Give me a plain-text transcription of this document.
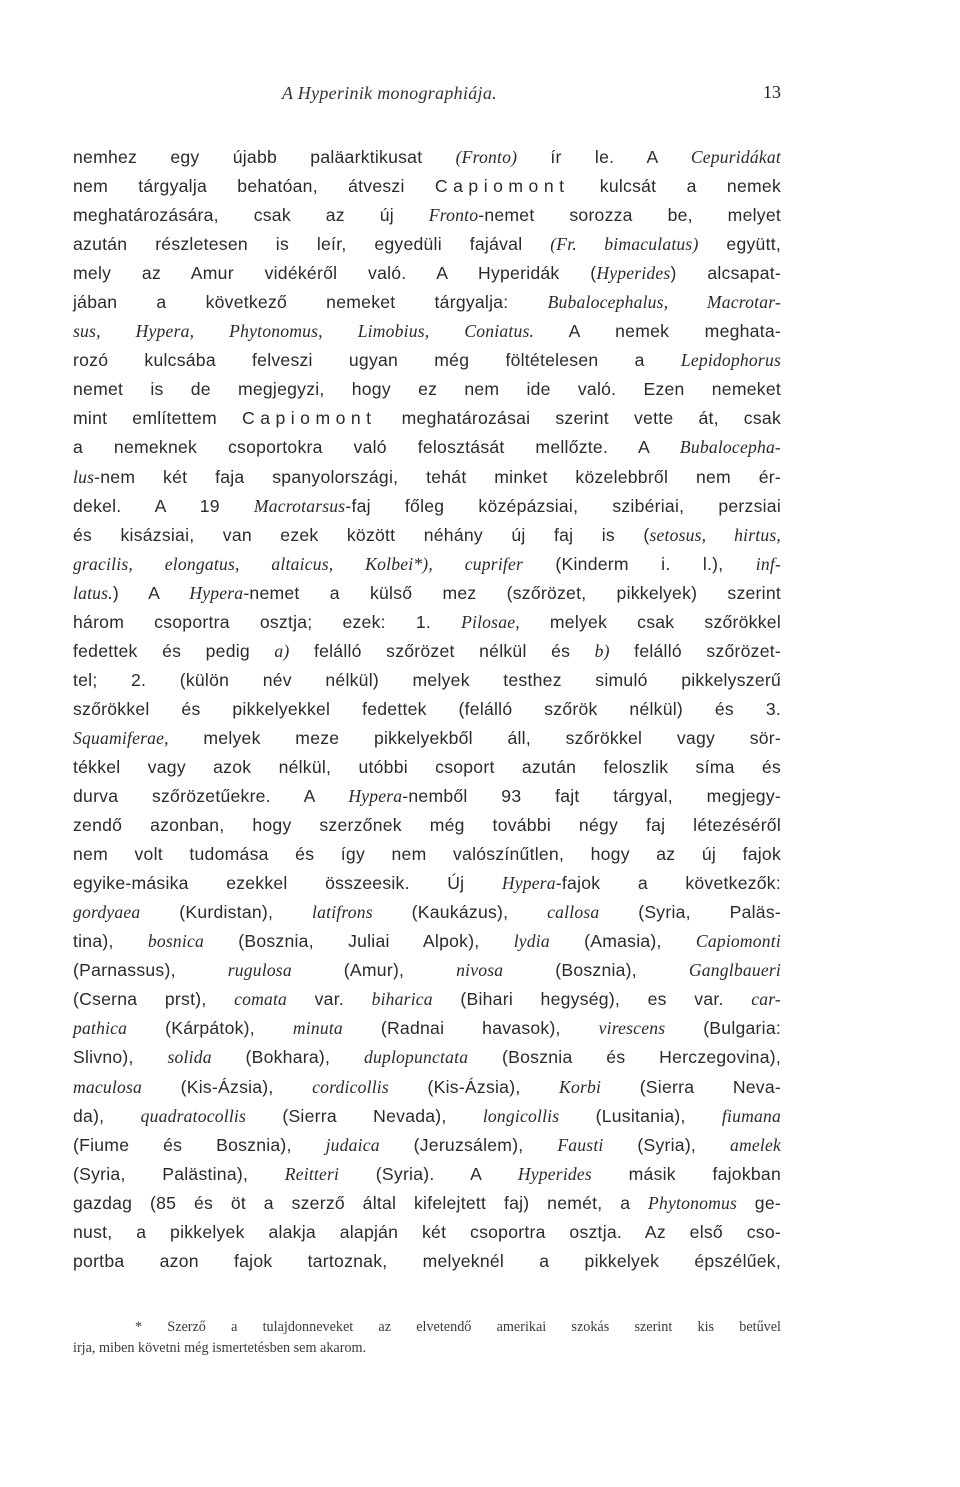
A Hyperinik monographiája.	13
nemhez egy újabb paläarktikusat (Fronto) ír le. A Cepuridákat
nem tárgyalja behatóan, átveszi Capiomont kulcsát a nemek
meghatározására, csak az új Fronto-nemet sorozza be, melyet
azután részletesen is leír, egyedüli fajával (Fr. bimaculatus) együtt,
mely az Amur vidékéről való. A Hyperidák (Hyperides) alcsapat-
jában a következő nemeket tárgyalja: Bubalocephalus, Macrotar-
sus, Hypera, Phytonomus, Limobius, Coniatus. A nemek meghata-
rozó kulcsába felveszi ugyan még föltételesen a Lepidophorus
nemet is de megjegyzi, hogy ez nem ide való. Ezen nemeket
mint említettem Capiomont meghatározásai szerint vette át, csak
a nemeknek csoportokra való felosztását mellőzte. A Bubalocepha-
lus-nem két faja spanyolországi, tehát minket közelebbről nem ér-
dekel. A 19 Macrotarsus-faj főleg középázsiai, szibériai, perzsiai
és kisázsiai, van ezek között néhány új faj is (setosus, hirtus,
gracilis, elongatus, altaicus, Kolbei*), cuprifer (Kinderm i. l.), inf-
latus.) A Hypera-nemet a külső mez (szőrözet, pikkelyek) szerint
három csoportra osztja; ezek: 1. Pilosae, melyek csak szőrökkel
fedettek és pedig a) felálló szőrözet nélkül és b) felálló szőrözet-
tel; 2. (külön név nélkül) melyek testhez simuló pikkelyszerű
szőrökkel és pikkelyekkel fedettek (felálló szőrök nélkül) és 3.
Squamiferae, melyek meze pikkelyekből áll, szőrökkel vagy sör-
tékkel vagy azok nélkül, utóbbi csoport azután feloszlik síma és
durva szőrözetűekre. A Hypera-nemből 93 fajt tárgyal, megjegy-
zendő azonban, hogy szerzőnek még további négy faj létezéséről
nem volt tudomása és így nem valószínűtlen, hogy az új fajok
egyike-másika ezekkel összeesik. Új Hypera-fajok a következők:
gordyaea (Kurdistan), latifrons (Kaukázus), callosa (Syria, Paläs-
tina), bosnica (Bosznia, Juliai Alpok), lydia (Amasia), Capiomonti
(Parnassus), rugulosa (Amur), nivosa (Bosznia), Ganglbaueri
(Cserna prst), comata var. biharica (Bihari hegység), es var. car-
pathica (Kárpátok), minuta (Radnai havasok), virescens (Bulgaria:
Slivno), solida (Bokhara), duplopunctata (Bosznia és Herczegovina),
maculosa (Kis-Ázsia), cordicollis (Kis-Ázsia), Korbi (Sierra Neva-
da), quadratocollis (Sierra Nevada), longicollis (Lusitania), fiumana
(Fiume és Bosznia), judaica (Jeruzsálem), Fausti (Syria), amelek
(Syria, Palästina), Reitteri (Syria). A Hyperides másik fajokban
gazdag (85 és öt a szerző által kifelejtett faj) nemét, a Phytonomus ge-
nust, a pikkelyek alakja alapján két csoportra osztja. Az első cso-
portba azon fajok tartoznak, melyeknél a pikkelyek épszélűek,
* Szerző a tulajdonneveket az elvetendő amerikai szokás szerint kis betűvel
irja, miben követni még ismertetésben sem akarom.
